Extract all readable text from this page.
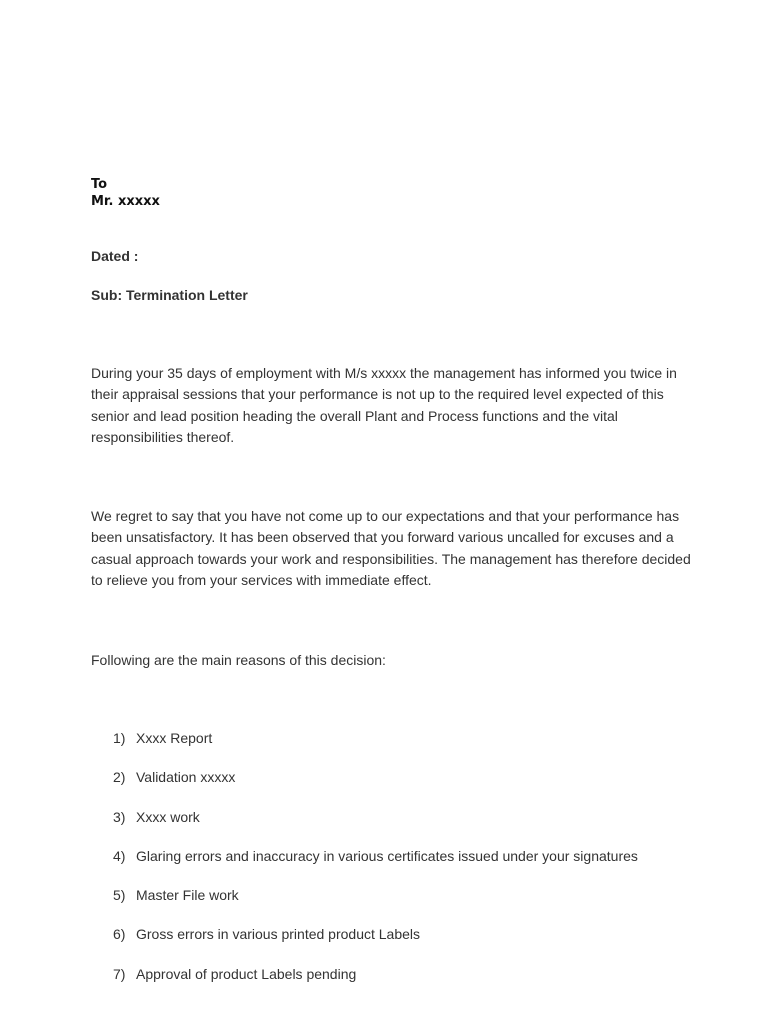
To
Mr. xxxxx
Dated :
Sub: Termination Letter

During your 35 days of employment with M/s xxxxx the management has informed you twice in their appraisal sessions that your performance is not up to the required level expected of this senior and lead position heading the overall Plant and Process functions and the vital responsibilities thereof.

We regret to say that you have not come up to our expectations and that your performance has been unsatisfactory. It has been observed that you forward various uncalled for excuses and a casual approach towards your work and responsibilities. The management has therefore decided to relieve you from your services with immediate effect.

Following are the main reasons of this decision:

1) Xxxx Report
2) Validation xxxxx
3) Xxxx work
4) Glaring errors and inaccuracy in various certificates issued under your signatures
5) Master File work
6) Gross errors in various printed product Labels
7) Approval of product Labels pending
